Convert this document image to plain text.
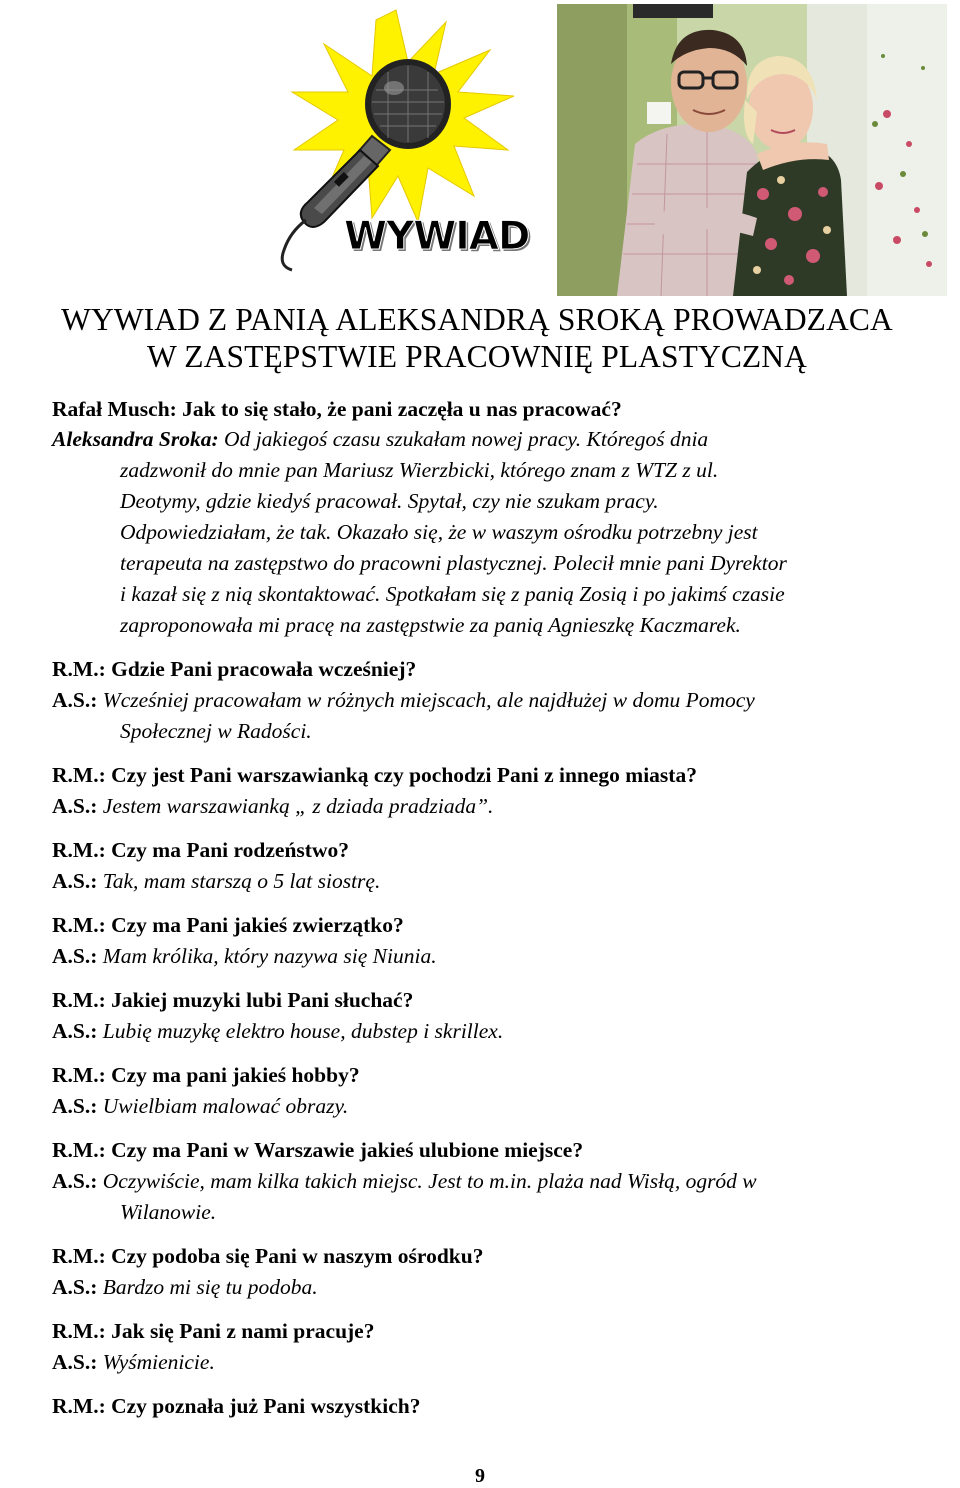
WYWIAD
WYWIAD Z PANIĄ ALEKSANDRĄ SROKĄ PROWADZACA
W ZASTĘPSTWIE PRACOWNIĘ PLASTYCZNĄ
Rafał Musch: Jak to się stało, że pani zaczęła u nas pracować?
Aleksandra Sroka: Od jakiegoś czasu szukałam nowej pracy. Któregoś dnia
zadzwonił do mnie pan Mariusz Wierzbicki, którego znam z WTZ z ul.
Deotymy, gdzie kiedyś pracował. Spytał, czy nie szukam pracy.
Odpowiedziałam, że tak. Okazało się, że w waszym ośrodku potrzebny jest
terapeuta na zastępstwo do pracowni plastycznej. Polecił mnie pani Dyrektor
i kazał się z nią skontaktować. Spotkałam się z panią Zosią i po jakimś czasie
zaproponowała mi pracę na zastępstwie za panią Agnieszkę Kaczmarek.
R.M.: Gdzie Pani pracowała wcześniej?
A.S.: Wcześniej pracowałam w różnych miejscach, ale najdłużej w domu Pomocy
Społecznej w Radości.
R.M.: Czy jest Pani warszawianką czy pochodzi Pani z innego miasta?
A.S.: Jestem warszawianką „ z dziada pradziada”.
R.M.: Czy ma Pani rodzeństwo?
A.S.: Tak, mam starszą o 5 lat siostrę.
R.M.: Czy ma Pani jakieś zwierzątko?
A.S.: Mam królika, który nazywa się Niunia.
R.M.: Jakiej muzyki lubi Pani słuchać?
A.S.: Lubię muzykę elektro house, dubstep i skrillex.
R.M.: Czy ma pani jakieś hobby?
A.S.: Uwielbiam malować obrazy.
R.M.: Czy ma Pani w Warszawie jakieś ulubione miejsce?
A.S.: Oczywiście, mam kilka takich miejsc. Jest to m.in. plaża nad Wisłą, ogród w
Wilanowie.
R.M.: Czy podoba się Pani w naszym ośrodku?
A.S.: Bardzo mi się tu podoba.
R.M.: Jak się Pani z nami pracuje?
A.S.: Wyśmienicie.
R.M.: Czy poznała już Pani wszystkich?
9
